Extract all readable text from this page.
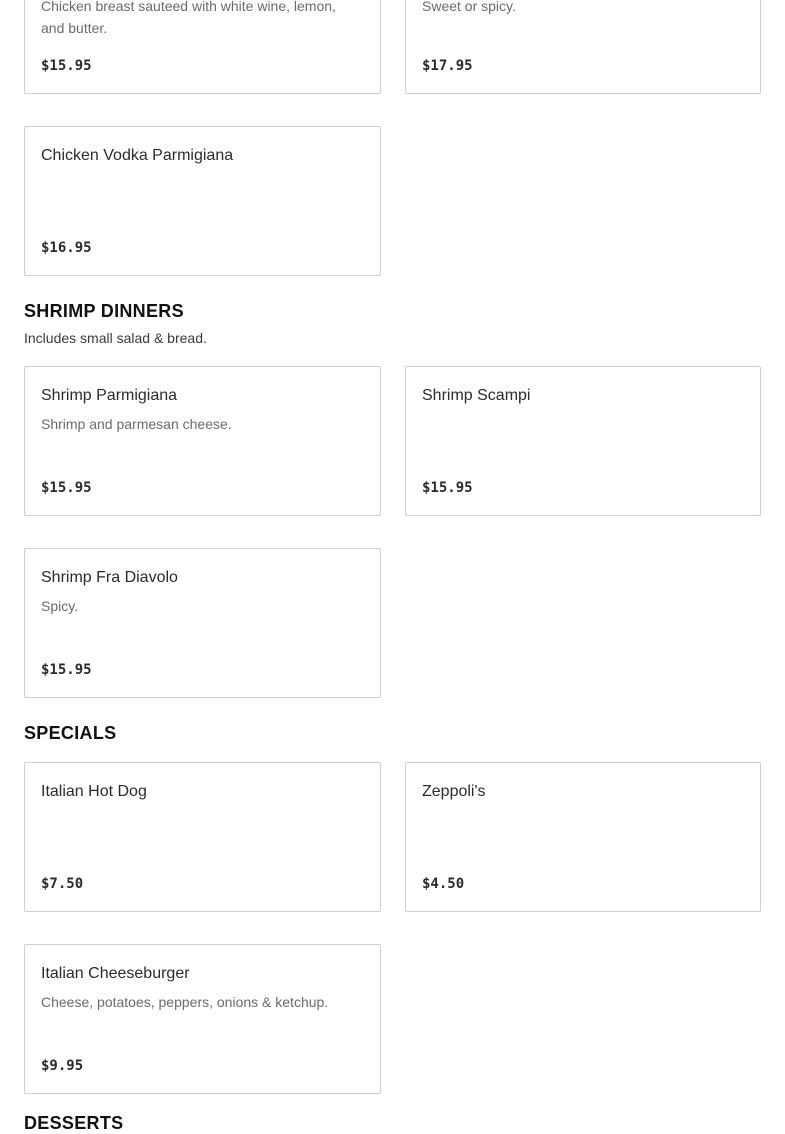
Chicken breast sauteed with white wine, lemon, and butter.
$15.95
Sweet or spicy.
$17.95
Chicken Vodka Parmigiana
$16.95
SHRIMP DINNERS
Includes small salad & bread.
Shrimp Parmigiana
Shrimp and parmesan cheese.
$15.95
Shrimp Scampi
$15.95
Shrimp Fra Diavolo
Spicy.
$15.95
SPECIALS
Italian Hot Dog
$7.50
Zeppoli's
$4.50
Italian Cheeseburger
Cheese, potatoes, peppers, onions & ketchup.
$9.95
DESSERTS
